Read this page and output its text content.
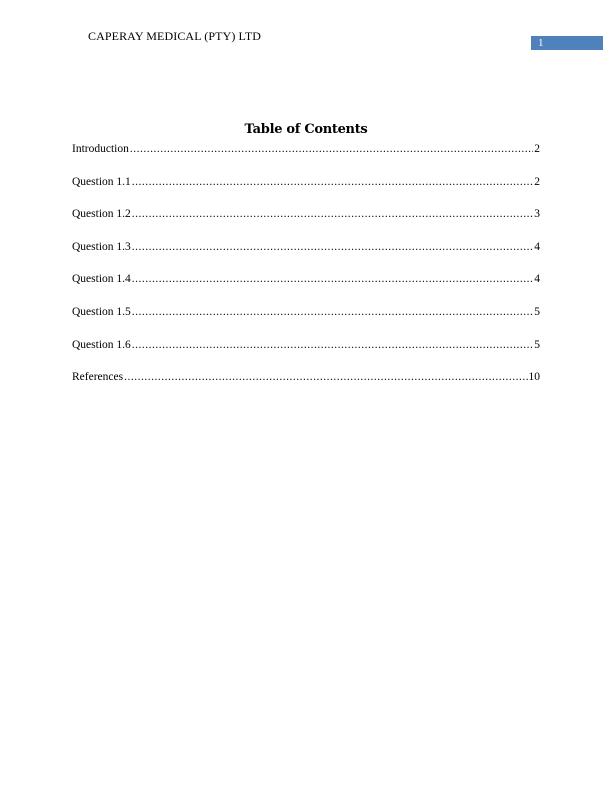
CAPERAY MEDICAL (PTY) LTD	1
Table of Contents
Introduction .....	2
Question 1.1 .....	2
Question 1.2 .....	3
Question 1.3 .....	4
Question 1.4 .....	4
Question 1.5 .....	5
Question 1.6 .....	5
References .....	10
